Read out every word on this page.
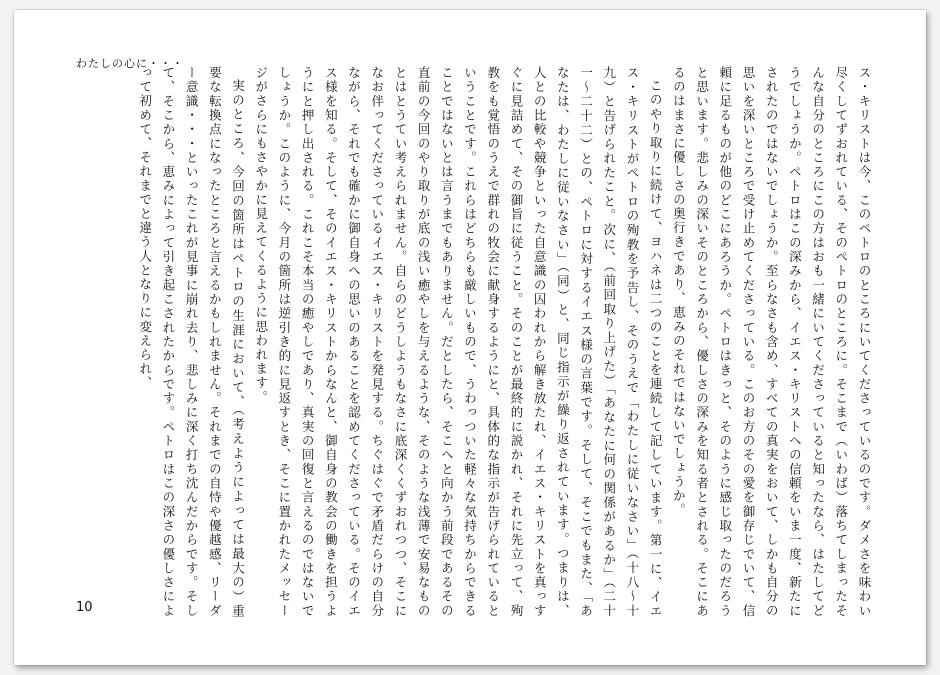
わたしの心に・・・

ス・キリストは今、このペトロのところにいてくださっているのです。ダメさを味わい尽くしてずおれている、そのペトロのところに。そこまで（いわば）落ちてしまったそんな自分のところにこの方はおも一緒にいてくださっていると知ったなら、はたしてどうでしょうか。ペトロはこの深みから、イエス・キリストへの信頼をいま一度、新たにされたのではないでしょうか。至らなさも含め、すべての真実をおいて、しかも自分の思いを深いところで受け止めてくださっている。このお方のその愛を御存じでいて、信頼に足るものが他のどこにあろうか。ペトロはきっと、そのように感じ取ったのだろうと思います。悲しみの深いそのところから、優しさの深みを知る者とされる。そこにあるのはまさに優しさの奥行きであり、恵みのそれではないでしょうか。

このやり取りに続けて、ヨハネは二つのことを連続して記しています。第一に、イエス・キリストがペトロの殉教を予告し、そのうえで「わたしに従いなさい」（十八～十九）と告げられたこと。次に、（前回取り上げた）「あなたに何の関係があるか」（二十一～二十二）との、ペトロに対するイエス様の言葉です。そして、そこでもまた、「あなたは、わたしに従いなさい」（同）と、同じ指示が繰り返されています。つまりは、人との比較や競争といった自意識の囚われから解き放たれ、イエス・キリストを真っすぐに見詰めて、その御旨に従うこと。そのことが最終的に説かれ、それに先立って、殉教をも覚悟のうえで群れの牧会に献身するようにと、具体的な指示が告げられているということです。これらはどちらも厳しいもので、うわっついた軽々な気持ちからできることではないとは言うまでもありません。だとしたら、そこへと向かう前段であるその直前の今回のやり取りが底の浅い癒やしを与えるような、そのような浅薄で安易なものとはとうてい考えられません。自らのどうしようもなさに底深くくずおれつつ、そこになお伴ってくださっているイエス・キリストを発見する。ちぐはぐで矛盾だらけの自分ながら、それでも確かに御自身への思いのあることを認めてくださっている。そのイエス様を知る。そして、そのイエス・キリストからなんと、御自身の教会の働きを担うようにと押し出される。これこそ本当の癒やしであり、真実の回復と言えるのではないでしょうか。このように、今月の箇所は逆引き的に見返すとき、そこに置かれたメッセージがさらにもさやかに見えてくるように思われます。

実のところ、今回の箇所はペトロの生涯において、（考えようによっては最大の）重要な転換点になったところと言えるかもしれません。それまでの自恃や優越感、リーダー意識・・・といったこれが見事に崩れ去り、悲しみに深く打ち沈んだからです。そして、そこから、恵みによって引き起こされたからです。ペトロはこの深さの優しさによって初めて、それまでと違う人となりに変えられ、

10
